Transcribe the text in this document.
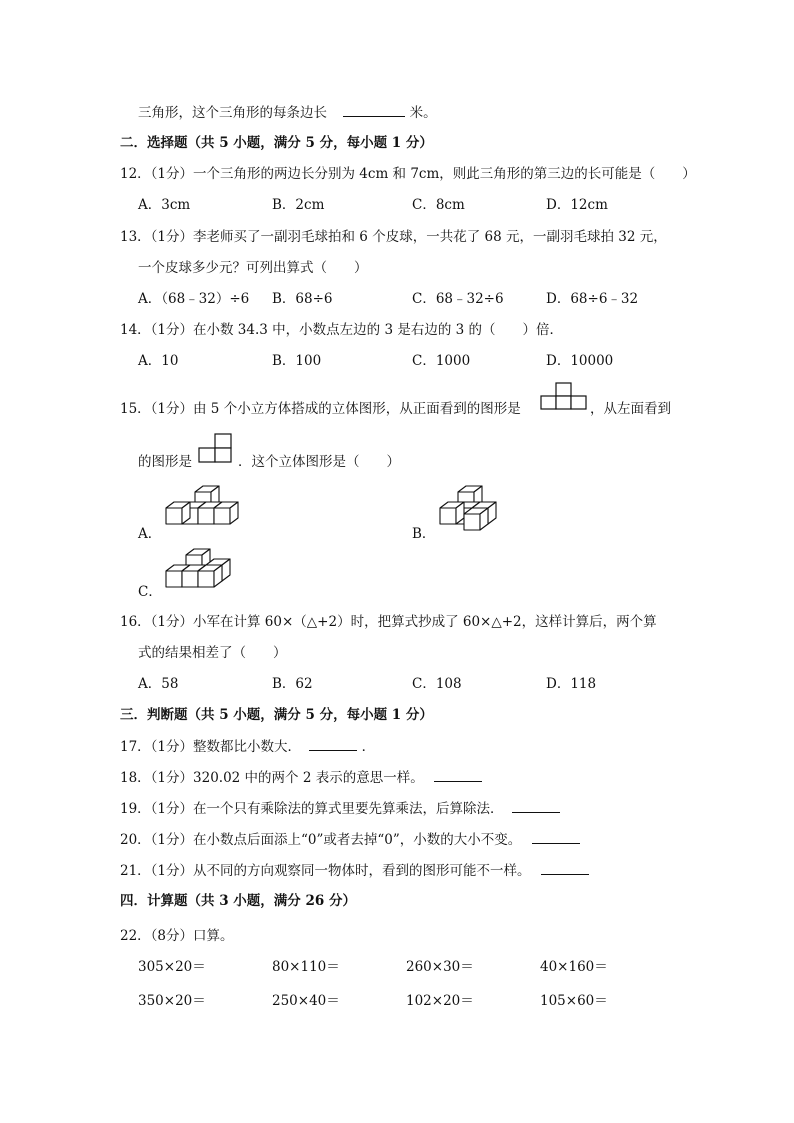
三角形，这个三角形的每条边长	米。
二．选择题（共 5 小题，满分 5 分，每小题 1 分）
12．（1分）一个三角形的两边长分别为 4cm 和 7cm，则此三角形的第三边的长可能是（　　）
A．3cm	B．2cm	C．8cm	D．12cm
13．（1分）李老师买了一副羽毛球拍和 6 个皮球，一共花了 68 元，一副羽毛球拍 32 元，
一个皮球多少元？可列出算式（　　）
A．（68﹣32）÷6 B．68÷6	C．68﹣32÷6	D．68÷6﹣32
14．（1分）在小数 34.3 中，小数点左边的 3 是右边的 3 的（　　）倍．
A．10	B．100	C．1000	D．10000
15．（1分）由 5 个小立方体搭成的立体图形，从正面看到的图形是	，从左面看到
的图形是	．这个立体图形是（　　）
A．	B．
C．
16．（1分）小军在计算 60×（△+2）时，把算式抄成了 60×△+2，这样计算后，两个算
式的结果相差了（　　）
A．58	B．62	C．108	D．118
三．判断题（共 5 小题，满分 5 分，每小题 1 分）
17．（1分）整数都比小数大．	．
18．（1分）320.02 中的两个 2 表示的意思一样。
19．（1分）在一个只有乘除法的算式里要先算乘法，后算除法．
20．（1分）在小数点后面添上“0”或者去掉“0”，小数的大小不变。
21．（1分）从不同的方向观察同一物体时，看到的图形可能不一样。
四．计算题（共 3 小题，满分 26 分）
22．（8分）口算。
305×20＝	80×110＝	260×30＝	40×160＝
350×20＝	250×40＝	102×20＝	105×60＝
